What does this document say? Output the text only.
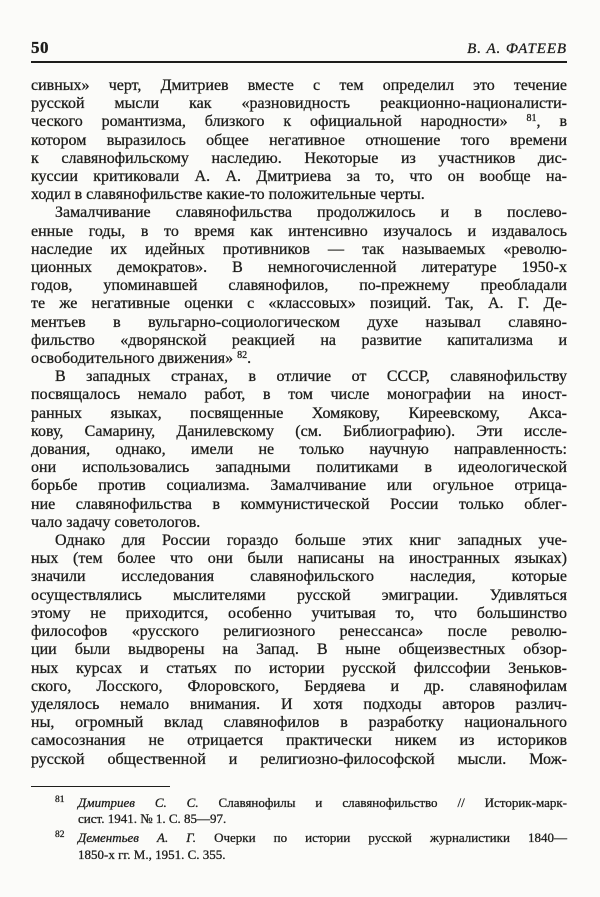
50	В. А. ФАТЕЕВ
сивных» черт, Дмитриев вместе с тем определил это течение
русской мысли как «разновидность реакционно-националисти-
ческого романтизма, близкого к официальной народности» $^{81}$, в
котором выразилось общее негативное отношение того времени
к славянофильскому наследию. Некоторые из участников дис-
куссии критиковали А. А. Дмитриева за то, что он вообще на-
ходил в славянофильстве какие-то положительные черты.
Замалчивание славянофильства продолжилось и в послево-
енные годы, в то время как интенсивно изучалось и издавалось
наследие их идейных противников — так называемых «револю-
ционных демократов». В немногочисленной литературе 1950-х
годов, упоминавшей славянофилов, по-прежнему преобладали
те же негативные оценки с «классовых» позиций. Так, А. Г. Де-
ментьев в вульгарно-социологическом духе называл славяно-
фильство «дворянской реакцией на развитие капитализма и
освободительного движения» $^{82}$.
В западных странах, в отличие от СССР, славянофильству
посвящалось немало работ, в том числе монографии на иност-
ранных языках, посвященные Хомякову, Киреевскому, Акса-
кову, Самарину, Данилевскому (см. Библиографию). Эти иссле-
дования, однако, имели не только научную направленность:
они использовались западными политиками в идеологической
борьбе против социализма. Замалчивание или огульное отрица-
ние славянофильства в коммунистической России только облег-
чало задачу советологов.
Однако для России гораздо больше этих книг западных уче-
ных (тем более что они были написаны на иностранных языках)
значили исследования славянофильского наследия, которые
осуществлялись мыслителями русской эмиграции. Удивляться
этому не приходится, особенно учитывая то, что большинство
философов «русского религиозного ренессанса» после револю-
ции были выдворены на Запад. В ныне общеизвестных обзор-
ных курсах и статьях по истории русской филссофии Зеньков-
ского, Лосского, Флоровского, Бердяева и др. славянофилам
уделялось немало внимания. И хотя подходы авторов различ-
ны, огромный вклад славянофилов в разработку национального
самосознания не отрицается практически никем из историков
русской общественной и религиозно-философской мысли. Мож-
81 Дмитриев С. С. Славянофилы и славянофильство // Историк-марк-
сист. 1941. № 1. С. 85—97.
82 Дементьев А. Г. Очерки по истории русской журналистики 1840—
1850-х гг. М., 1951. С. 355.
